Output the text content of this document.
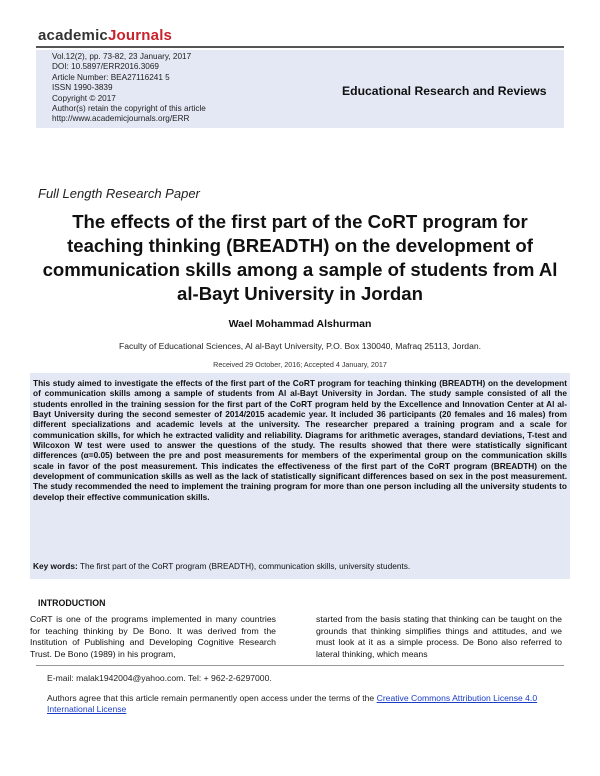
academicJournals
Vol.12(2), pp. 73-82, 23 January, 2017
DOI: 10.5897/ERR2016.3069
Article Number: BEA27116241 5
ISSN 1990-3839
Copyright © 2017
Author(s) retain the copyright of this article
http://www.academicjournals.org/ERR
Educational Research and Reviews
Full Length Research Paper
The effects of the first part of the CoRT program for teaching thinking (BREADTH) on the development of communication skills among a sample of students from Al al-Bayt University in Jordan
Wael Mohammad Alshurman
Faculty of Educational Sciences, Al al-Bayt University, P.O. Box 130040, Mafraq 25113, Jordan.
Received 29 October, 2016; Accepted 4 January, 2017
This study aimed to investigate the effects of the first part of the CoRT program for teaching thinking (BREADTH) on the development of communication skills among a sample of students from Al al-Bayt University in Jordan. The study sample consisted of all the students enrolled in the training session for the first part of the CoRT program held by the Excellence and Innovation Center at Al al-Bayt University during the second semester of 2014/2015 academic year. It included 36 participants (20 females and 16 males) from different specializations and academic levels at the university. The researcher prepared a training program and a scale for communication skills, for which he extracted validity and reliability. Diagrams for arithmetic averages, standard deviations, T-test and Wilcoxon W test were used to answer the questions of the study. The results showed that there were statistically significant differences (α=0.05) between the pre and post measurements for members of the experimental group on the communication skills scale in favor of the post measurement. This indicates the effectiveness of the first part of the CoRT program (BREADTH) on the development of communication skills as well as the lack of statistically significant differences based on sex in the post measurement. The study recommended the need to implement the training program for more than one person including all the university students to develop their effective communication skills.
Key words: The first part of the CoRT program (BREADTH), communication skills, university students.
INTRODUCTION
CoRT is one of the programs implemented in many countries for teaching thinking by De Bono. It was derived from the Institution of Publishing and Developing Cognitive Research Trust. De Bono (1989) in his program,
started from the basis stating that thinking can be taught on the grounds that thinking simplifies things and attitudes, and we must look at it as a simple process. De Bono also referred to lateral thinking, which means
E-mail: malak1942004@yahoo.com. Tel: + 962-2-6297000.
Authors agree that this article remain permanently open access under the terms of the Creative Commons Attribution License 4.0 International License
